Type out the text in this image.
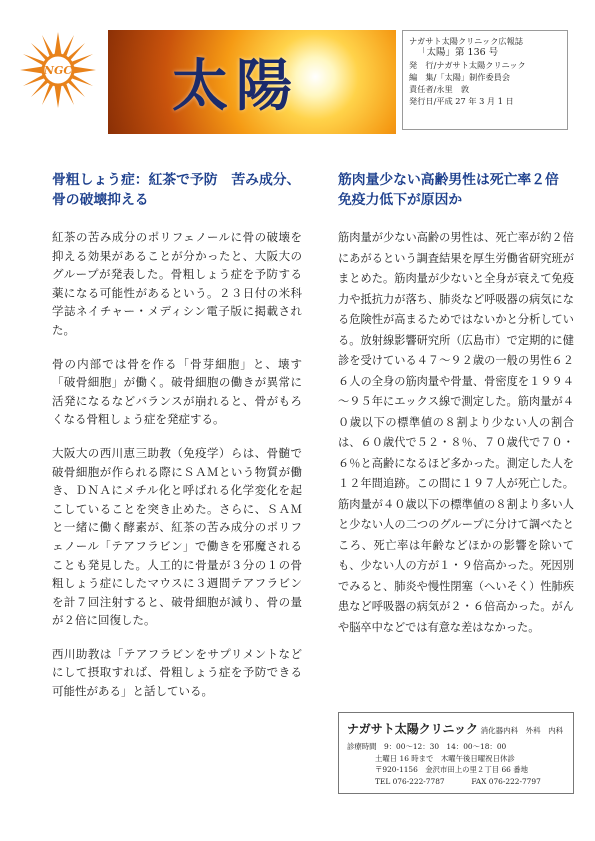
NGC 太陽
ナガサト太陽クリニック広報誌
「太陽」第 136 号
発　行/ナガサト太陽クリニック
編　集/「太陽」制作委員会
責任者/永里　敦
発行日/平成 27 年 3 月 1 日
骨粗しょう症：紅茶で予防　苦み成分、骨の破壊抑える

紅茶の苦み成分のポリフェノールに骨の破壊を抑える効果があることが分かったと、大阪大のグループが発表した。骨粗しょう症を予防する薬になる可能性があるという。２３日付の米科学誌ネイチャー・メディシン電子版に掲載された。

骨の内部では骨を作る「骨芽細胞」と、壊す「破骨細胞」が働く。破骨細胞の働きが異常に活発になるなどバランスが崩れると、骨がもろくなる骨粗しょう症を発症する。

大阪大の西川恵三助教（免疫学）らは、骨髄で破骨細胞が作られる際にＳＡＭという物質が働き、ＤＮＡにメチル化と呼ばれる化学変化を起こしていることを突き止めた。さらに、ＳＡＭと一緒に働く酵素が、紅茶の苦み成分のポリフェノール「テアフラビン」で働きを邪魔されることも発見した。人工的に骨量が３分の１の骨粗しょう症にしたマウスに３週間テアフラビンを計７回注射すると、破骨細胞が減り、骨の量が２倍に回復した。

西川助教は「テアフラビンをサプリメントなどにして摂取すれば、骨粗しょう症を予防できる可能性がある」と話している。

筋肉量少ない高齢男性は死亡率２倍　免疫力低下が原因か

筋肉量が少ない高齢の男性は、死亡率が約２倍にあがるという調査結果を厚生労働省研究班がまとめた。筋肉量が少ないと全身が衰えて免疫力や抵抗力が落ち、肺炎など呼吸器の病気になる危険性が高まるためではないかと分析している。放射線影響研究所（広島市）で定期的に健診を受けている４７～９２歳の一般の男性６２６人の全身の筋肉量や骨量、骨密度を１９９４～９５年にエックス線で測定した。筋肉量が４０歳以下の標準値の８割より少ない人の割合は、６０歳代で５２・８％、７０歳代で７０・６％と高齢になるほど多かった。測定した人を１２年間追跡。この間に１９７人が死亡した。筋肉量が４０歳以下の標準値の８割より多い人と少ない人の二つのグループに分けて調べたところ、死亡率は年齢などほかの影響を除いても、少ない人の方が１・９倍高かった。死因別でみると、肺炎や慢性閉塞（へいそく）性肺疾患など呼吸器の病気が２・６倍高かった。がんや脳卒中などでは有意な差はなかった。

ナガサト太陽クリニック 消化器内科　外科　内科
診療時間　9：00～12：30　14：00～18：00
土曜日 16 時まで　木曜午後日曜祝日休診
〒920-1156　金沢市田上の里２丁目 66 番地
TEL 076-222-7787	FAX 076-222-7797
